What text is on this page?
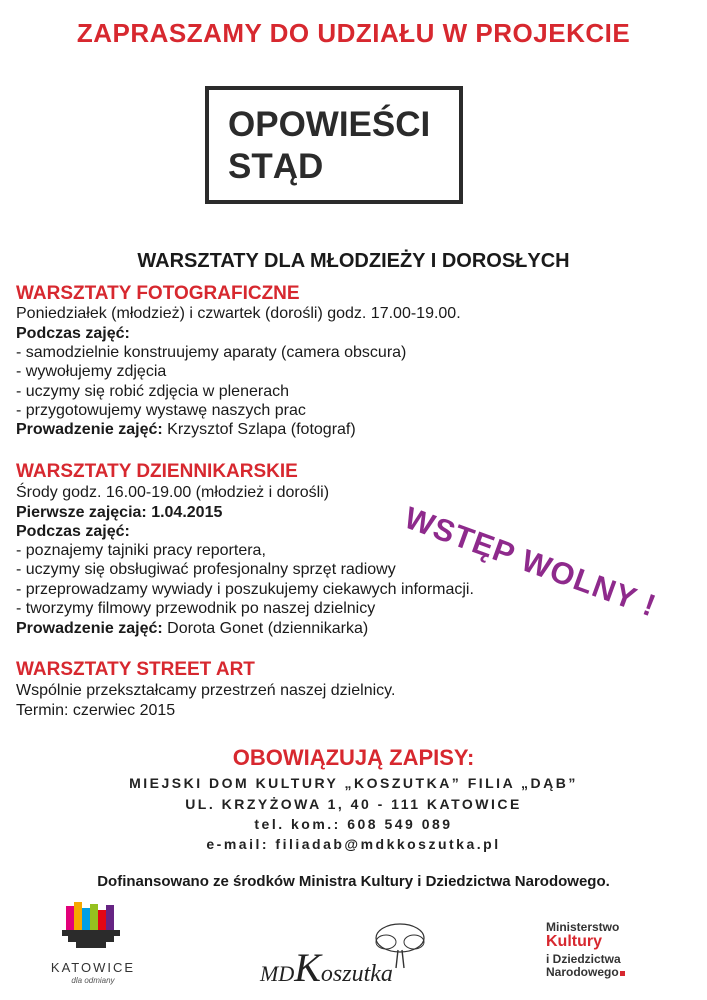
ZAPRASZAMY DO UDZIAŁU W PROJEKCIE
OPOWIEŚCI
STĄD
WARSZTATY DLA MŁODZIEŻY I DOROSŁYCH
WARSZTATY FOTOGRAFICZNE
Poniedziałek (młodzież) i czwartek (dorośli) godz. 17.00-19.00.
Podczas zajęć:
- samodzielnie konstruujemy aparaty (camera obscura)
- wywołujemy zdjęcia
- uczymy się robić zdjęcia w plenerach
- przygotowujemy wystawę naszych prac
Prowadzenie zajęć: Krzysztof Szlapa (fotograf)
WARSZTATY DZIENNIKARSKIE
Środy godz. 16.00-19.00 (młodzież i dorośli)
Pierwsze zajęcia: 1.04.2015
Podczas zajęć:
- poznajemy tajniki pracy reportera,
- uczymy się obsługiwać profesjonalny sprzęt radiowy
- przeprowadzamy wywiady i poszukujemy ciekawych informacji.
- tworzymy filmowy przewodnik po naszej dzielnicy
Prowadzenie zajęć: Dorota Gonet (dziennikarka)
WARSZTATY STREET ART
Wspólnie przekształcamy przestrzeń naszej dzielnicy.
Termin: czerwiec 2015
WSTĘP WOLNY !
OBOWIĄZUJĄ ZAPISY:
MIEJSKI DOM KULTURY „KOSZUTKA” FILIA „DĄB”
UL. KRZYŻOWA 1, 40 - 111 KATOWICE
tel. kom.: 608 549 089
e-mail: filiadab@mdkkoszutka.pl
Dofinansowano ze środków Ministra Kultury i Dziedzictwa Narodowego.
KATOWICE
dla odmiany	MDKoszutka
Ministerstwo
Kultury
i Dziedzictwa
Narodowego
